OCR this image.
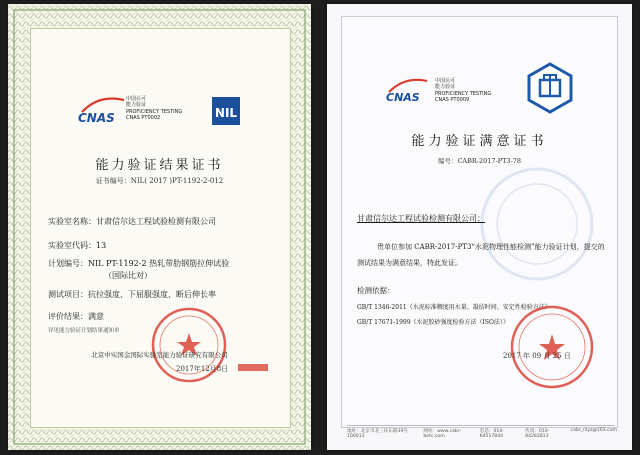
CNAS
中国认可
能力验证
PROFICIENCY TESTING
CNAS PT0002	NIL
能力验证结果证书
证书编号：NIL( 2017 )PT-1192-2-012
实验室名称：甘肃信尔达工程试验检测有限公司
实验室代码：13
计划编号：NIL PT-1192-2 热轧带肋钢筋拉伸试验
（国际比对）
测试项目：抗拉强度、下屈服强度、断后伸长率
评价结果：满意
详见能力验证计划结果通知单
北京中实国金国际实验室能力验证研究有限公司
2017年12月8日
CNAS
中国认可
能力验证
PROFICIENCY TESTING
CNAS PT0009
能力验证满意证书
编号：CABR-2017-PT3-78
甘肃信尔达工程试验检测有限公司：
贵单位参加 CABR-2017-PT3“水泥物理性能检测”能力验证计划，提交的测试结果为满意结果，特此发证。
检测依据：
GB/T 1346-2011《水泥标准稠度用水量、凝结时间、安定性检验方法》
GB/T 17671-1999《水泥胶砂强度检验方法（ISO法）》
2017 年 09 月 25 日
地址：北京市北三环东路30号 100013
网址：www.cabr-betc.com
电话：010-64517844
传真：010-84282813
cabr_nlyz@163.com
